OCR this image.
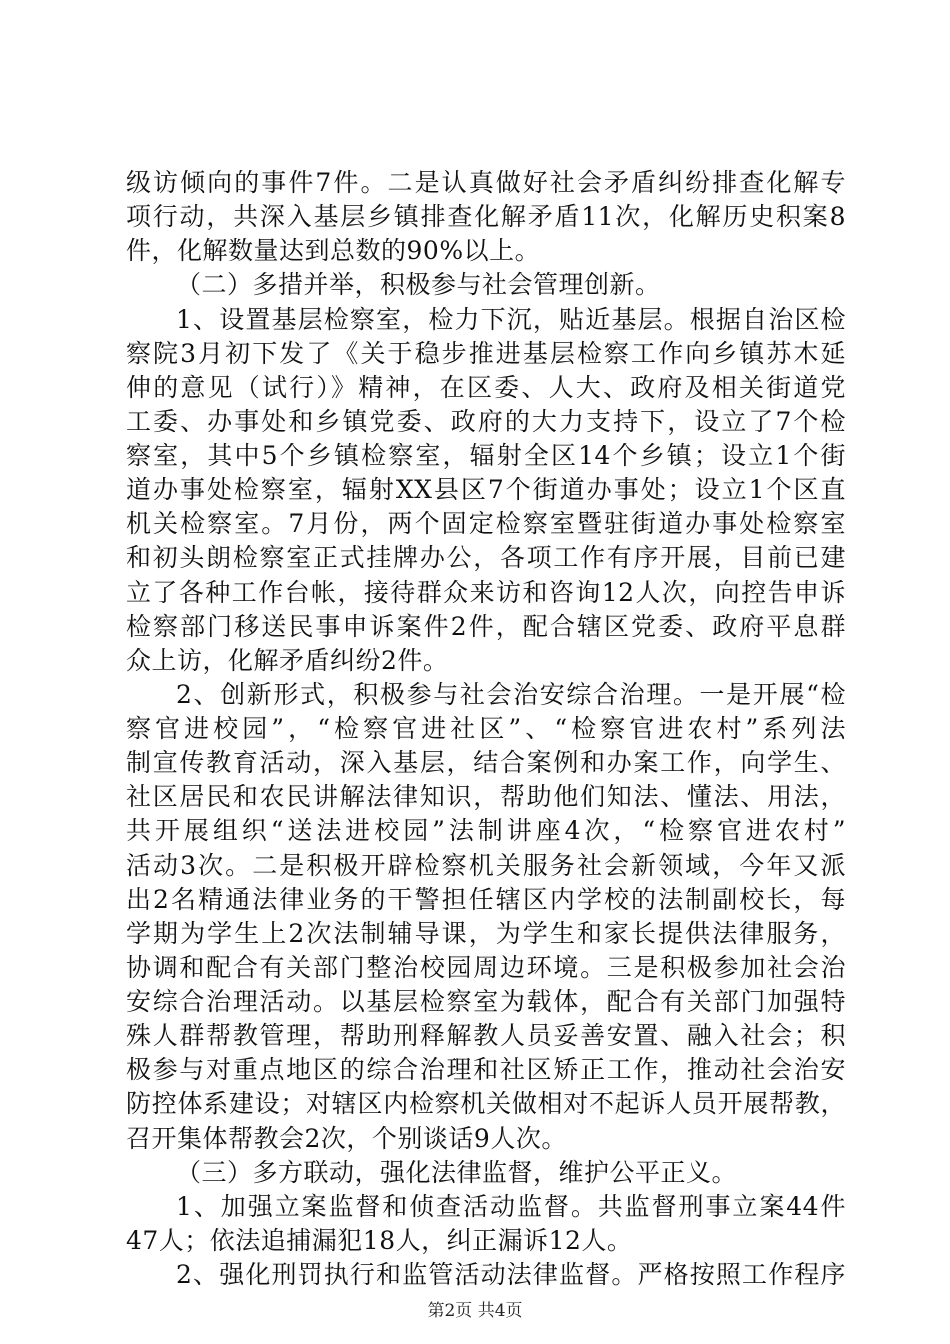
级访倾向的事件7件。二是认真做好社会矛盾纠纷排查化解专
项行动，共深入基层乡镇排查化解矛盾11次，化解历史积案8
件，化解数量达到总数的90%以上。
（二）多措并举，积极参与社会管理创新。
1、设置基层检察室，检力下沉，贴近基层。根据自治区检
察院3月初下发了《关于稳步推进基层检察工作向乡镇苏木延
伸的意见（试行）》精神，在区委、人大、政府及相关街道党
工委、办事处和乡镇党委、政府的大力支持下，设立了7个检
察室，其中5个乡镇检察室，辐射全区14个乡镇；设立1个街
道办事处检察室，辐射XX县区7个街道办事处；设立1个区直
机关检察室。7月份，两个固定检察室暨驻街道办事处检察室
和初头朗检察室正式挂牌办公，各项工作有序开展，目前已建
立了各种工作台帐，接待群众来访和咨询12人次，向控告申诉
检察部门移送民事申诉案件2件，配合辖区党委、政府平息群
众上访，化解矛盾纠纷2件。
2、创新形式，积极参与社会治安综合治理。一是开展“检
察官进校园”，“检察官进社区”、“检察官进农村”系列法
制宣传教育活动，深入基层，结合案例和办案工作，向学生、
社区居民和农民讲解法律知识，帮助他们知法、懂法、用法，
共开展组织“送法进校园”法制讲座4次，“检察官进农村”
活动3次。二是积极开辟检察机关服务社会新领域，今年又派
出2名精通法律业务的干警担任辖区内学校的法制副校长，每
学期为学生上2次法制辅导课，为学生和家长提供法律服务，
协调和配合有关部门整治校园周边环境。三是积极参加社会治
安综合治理活动。以基层检察室为载体，配合有关部门加强特
殊人群帮教管理，帮助刑释解教人员妥善安置、融入社会；积
极参与对重点地区的综合治理和社区矫正工作，推动社会治安
防控体系建设；对辖区内检察机关做相对不起诉人员开展帮教，
召开集体帮教会2次，个别谈话9人次。
（三）多方联动，强化法律监督，维护公平正义。
1、加强立案监督和侦查活动监督。共监督刑事立案44件
47人；依法追捕漏犯18人，纠正漏诉12人。
2、强化刑罚执行和监管活动法律监督。严格按照工作程序
第2页 共4页
